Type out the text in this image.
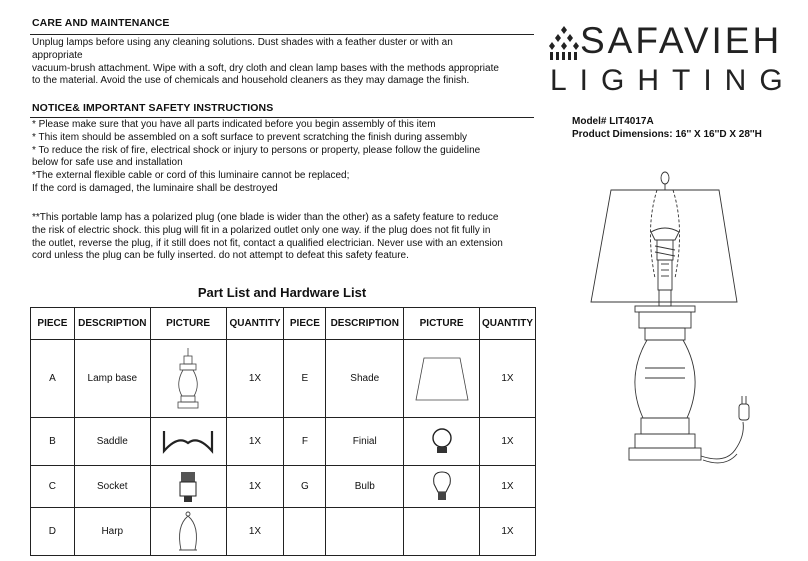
CARE AND MAINTENANCE
Unplug lamps before using any cleaning solutions. Dust shades with a feather duster or with an
appropriate
vacuum-brush attachment. Wipe with a soft, dry cloth and clean lamp bases with the methods appropriate
to the material. Avoid the use of chemicals and household cleaners as they may damage the finish.
NOTICE& IMPORTANT SAFETY INSTRUCTIONS
* Please make sure that you have all parts indicated before you begin assembly of this item
* This item should be assembled on a soft surface to prevent scratching the finish during assembly
* To reduce the risk of fire, electrical shock or injury to persons or property, please follow the guideline
below for safe use and installation
*The external flexible cable or cord of this luminaire cannot be replaced;
If the cord is damaged, the luminaire shall be destroyed
**This portable lamp has a polarized plug (one blade is wider than the other) as a safety feature to reduce
the risk of electric shock. this plug will fit in a polarized outlet only one way. if the plug does not fit fully in
the outlet, reverse the plug, if it still does not fit, contact a qualified electrician. Never use with an extension
cord unless the plug can be fully inserted. do not attempt to defeat this safety feature.
SAFAVIEH
LIGHTING
Model# LIT4017A
Product Dimensions: 16'' X 16''D X 28''H
Part List and Hardware List
PIECE	DESCRIPTION	PICTURE	QUANTITY	PIECE	DESCRIPTION	PICTURE	QUANTITY
A	Lamp base		1X	E	Shade		1X
B	Saddle		1X	F	Finial		1X
C	Socket		1X	G	Bulb		1X
D	Harp		1X				1X
